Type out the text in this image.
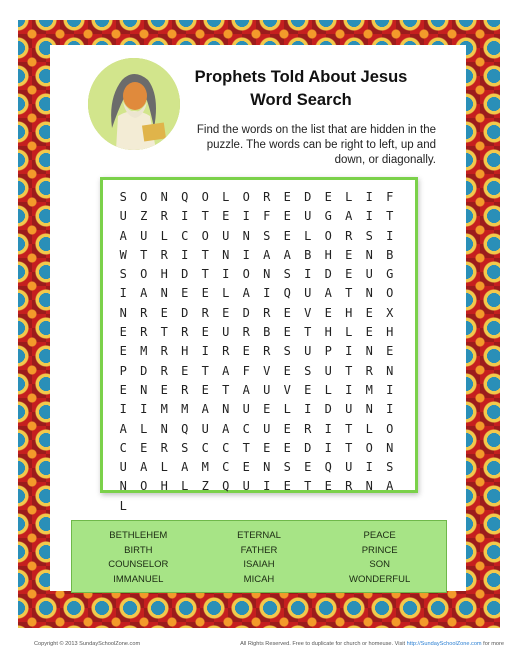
Prophets Told About Jesus
Word Search
Find the words on the list that are hidden in the puzzle. The words can be right to left, up and down, or diagonally.
S	O	N	Q	O	L	O	R	E	D	E	L	I	F
U	Z	R	I	T	E	I	F	E	U	G	A	I	T
A	U	L	C	O	U	N	S	E	L	O	R	S	I
W	T	R	I	T	N	I	A	A	B	H	E	N	B
S	O	H	D	T	I	O	N	S	I	D	E	U	G
I	A	N	E	E	L	A	I	Q	U	A	T	N	O
N	R	E	D	R	E	D	R	E	V	E	H	E	X
E	R	T	R	E	U	R	B	E	T	H	L	E	H
E	M	R	H	I	R	E	R	S	U	P	I	N	E
P	D	R	E	T	A	F	V	E	S	U	T	R	N
E	N	E	R	E	T	A	U	V	E	L	I	M	I
I	I	M	M	A	N	U	E	L	I	D	U	N	I
A	L	N	Q	U	A	C	U	E	R	I	T	L	O
C	E	R	S	C	C	T	E	E	D	I	T	O	N
U	A	L	A	M	C	E	N	S	E	Q	U	I	S
N	O	H	L	Z	Q	U	I	E	T	E	R	N	A
L
BETHLEHEM
BIRTH
COUNSELOR
IMMANUEL
ETERNAL
FATHER
ISAIAH
MICAH
PEACE
PRINCE
SON
WONDERFUL
Copyright © 2013 SundaySchoolZone.com	All Rights Reserved. Free to duplicate for church or homeuse. Visit http://SundaySchoolZone.com for more
